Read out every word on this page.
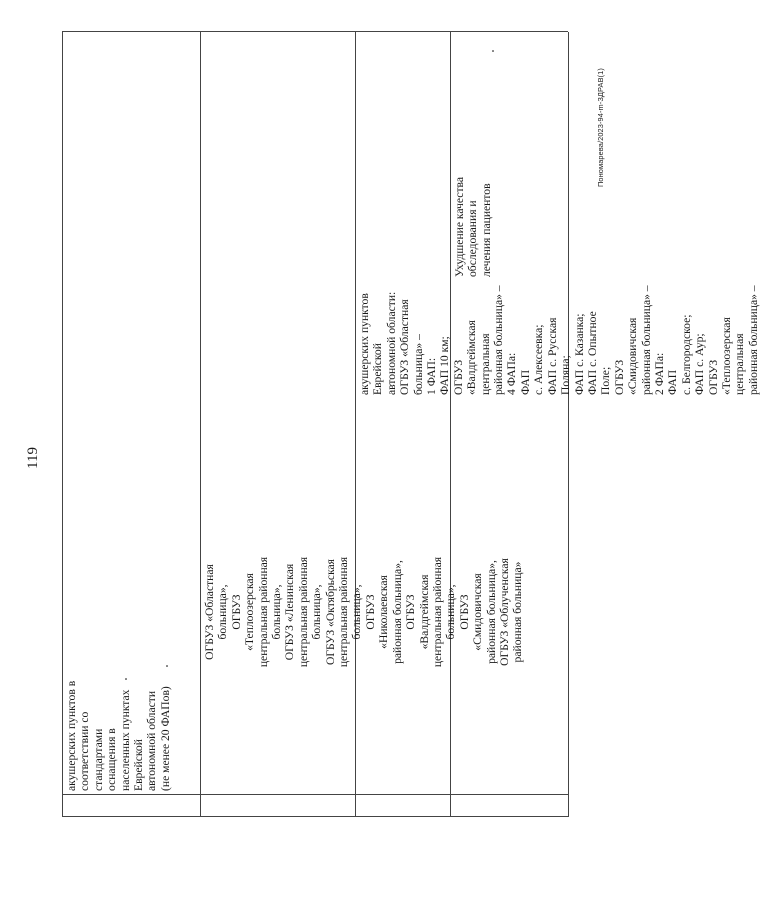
119
Пономарева/2023-94-m-ЗДРАВ(1)
акушерских пунктов в
соответствии со
стандартами
оснащения в
населенных пунктах
Еврейской
автономной области
(не менее 20 ФАПов)
ОГБУЗ «Областная
больница»,
ОГБУЗ
«Теплоозерская
центральная районная
больница»,
ОГБУЗ «Ленинская
центральная районная
больница»,
ОГБУЗ «Октябрьская
центральная районная
больница»,
ОГБУЗ
«Николаевская
районная больница»,
ОГБУЗ
«Валдгеймская
центральная районная
больница»,
ОГБУЗ
«Смидовичская
районная больница»,
ОГБУЗ «Облученская
районная больница»
акушерских пунктов
Еврейской
автономной области:
ОГБУЗ «Областная
больница» –
1 ФАП:
ФАП 10 км;
ОГБУЗ
«Валдгеймская
центральная
районная больница» –
4 ФАПа:
ФАП
с. Алексеевка;
ФАП с. Русская
Поляна;
ФАП с. Казанка;
ФАП с. Опытное
Поле;
ОГБУЗ
«Смидовичская
районная больница» –
2 ФАПа:
ФАП
с. Белгородское;
ФАП с. Аур;
ОГБУЗ
«Теплоозерская
центральная
районная больница» –
Ухудшение качества
обследования и
лечения пациентов
